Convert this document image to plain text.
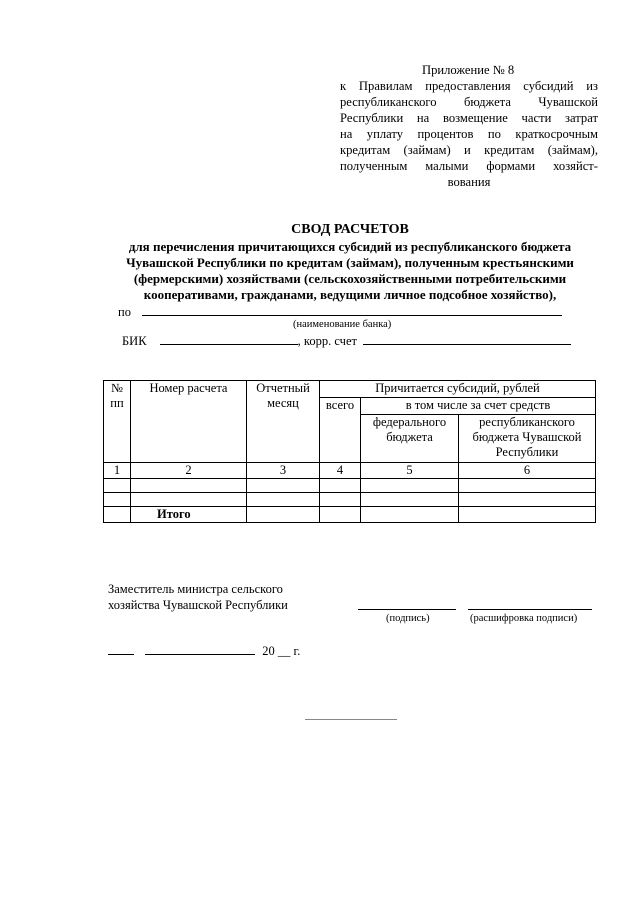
Приложение № 8
к Правилам предоставления субсидий из
республиканского бюджета Чувашской
Республики на возмещение части затрат
на уплату процентов по краткосрочным
кредитам (займам) и кредитам (займам),
полученным малыми формами хозяйст-
вования
СВОД РАСЧЕТОВ
для перечисления причитающихся субсидий из республиканского бюджета
Чувашской Республики по кредитам (займам), полученным крестьянскими
(фермерскими) хозяйствами (сельскохозяйственными потребительскими
кооперативами, гражданами, ведущими личное подсобное хозяйство),
по
(наименование банка)
БИК	, корр. счет
№ пп	Номер расчета	Отчетный месяц	Причитается субсидий, рублей		
			всего	в том числе за счет средств	
				федерального бюджета	республиканского бюджета Чувашской Республики
1	2	3	4	5	6

	Итого				
Заместитель министра сельского
хозяйства Чувашской Республики
(подпись)	(расшифровка подписи)
20 __ г.
